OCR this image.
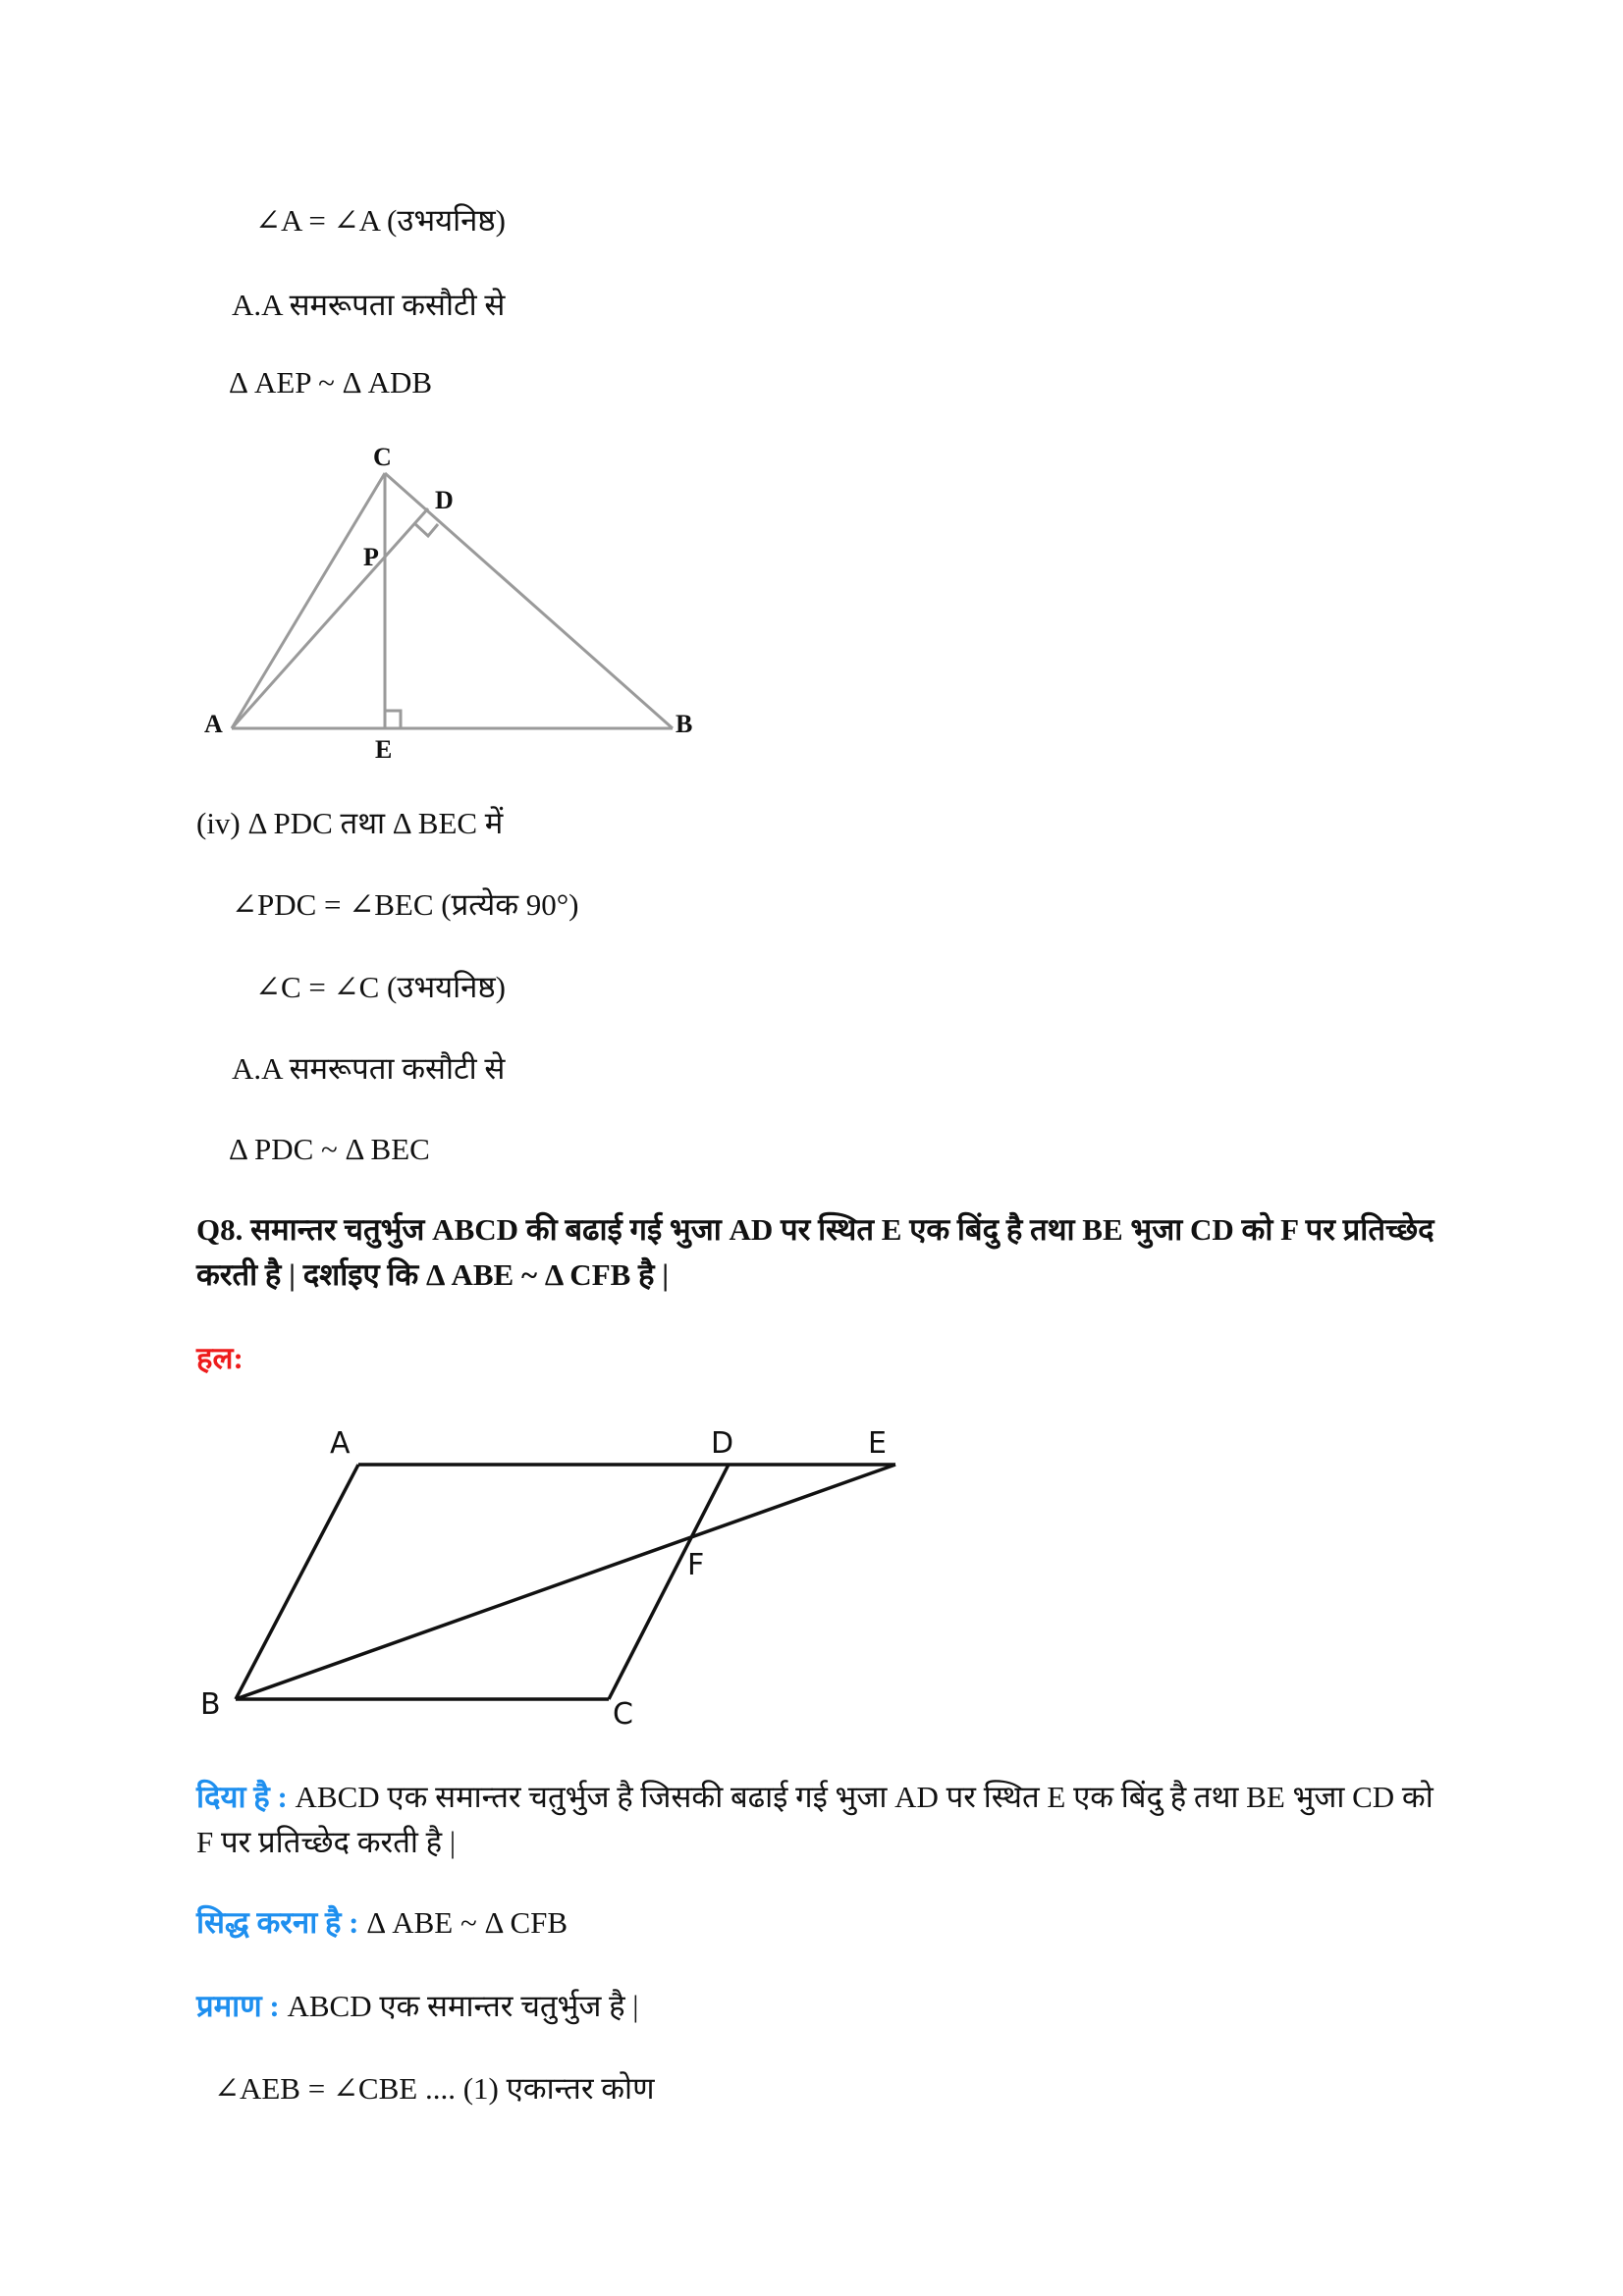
∠A = ∠A (उभयनिष्ठ)
A.A समरूपता कसौटी से
Δ AEP ~ Δ ADB
C
D
P
A
E
B
A	D	E
F
B	C
(iv) Δ PDC तथा Δ BEC में
∠PDC = ∠BEC (प्रत्येक 90°)
∠C = ∠C (उभयनिष्ठ)
A.A समरूपता कसौटी से
Δ PDC ~ Δ BEC
Q8. समान्तर चतुर्भुज ABCD की बढाई गई भुजा AD पर स्थित E एक बिंदु है तथा BE भुजा CD को F पर प्रतिच्छेद करती है | दर्शाइए कि Δ ABE ~ Δ CFB है |
हल:
दिया है : ABCD एक समान्तर चतुर्भुज है जिसकी बढाई गई भुजा AD पर स्थित E एक बिंदु है तथा BE भुजा CD को F पर प्रतिच्छेद करती है |
सिद्ध करना है : Δ ABE ~ Δ CFB
प्रमाण : ABCD एक समान्तर चतुर्भुज है |
∠AEB = ∠CBE .... (1) एकान्तर कोण
